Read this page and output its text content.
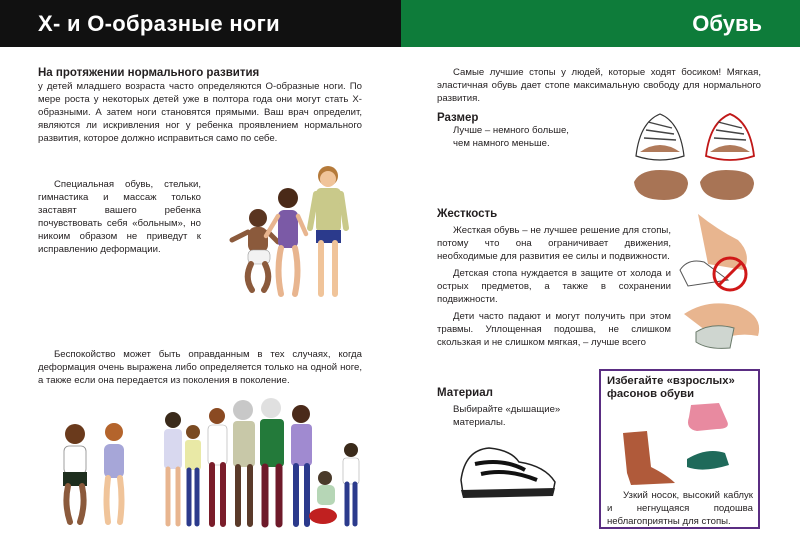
X- и O-образные ноги	Обувь

На протяжении нормального развития

у детей младшего возраста часто определяются O-образные ноги. По мере роста у некоторых детей уже в полтора года они могут стать X-образными. А затем ноги становятся прямыми. Ваш врач определит, являются ли искривления ног у ребенка проявлением нормального развития, которое должно исправиться само по себе.

Специальная обувь, стельки, гимнастика и массаж только заставят вашего ребенка почувствовать себя «больным», но никоим образом не приведут к исправлению деформации.

Беспокойство может быть оправданным в тех случаях, когда деформация очень выражена либо определяется только на одной ноге, а также если она передается из поколения в поколение.

Самые лучшие стопы у людей, которые ходят босиком! Мягкая, эластичная обувь дает стопе максимальную свободу для нормального развития.

Размер

Лучше – немного больше, чем намного меньше.

Жесткость

Жесткая обувь – не лучшее решение для стопы, потому что она ограничивает движения, необходимые для развития ее силы и подвижности.

Детская стопа нуждается в защите от холода и острых предметов, а также в сохранении подвижности.

Дети часто падают и могут получить при этом травмы. Уплощенная подошва, не слишком скользкая и не слишком мягкая, – лучше всего

Материал

Выбирайте «дышащие» материалы.

Избегайте «взрослых» фасонов обуви

Узкий носок, высокий каблук и негнущаяся подошва неблагоприятны для стопы.
